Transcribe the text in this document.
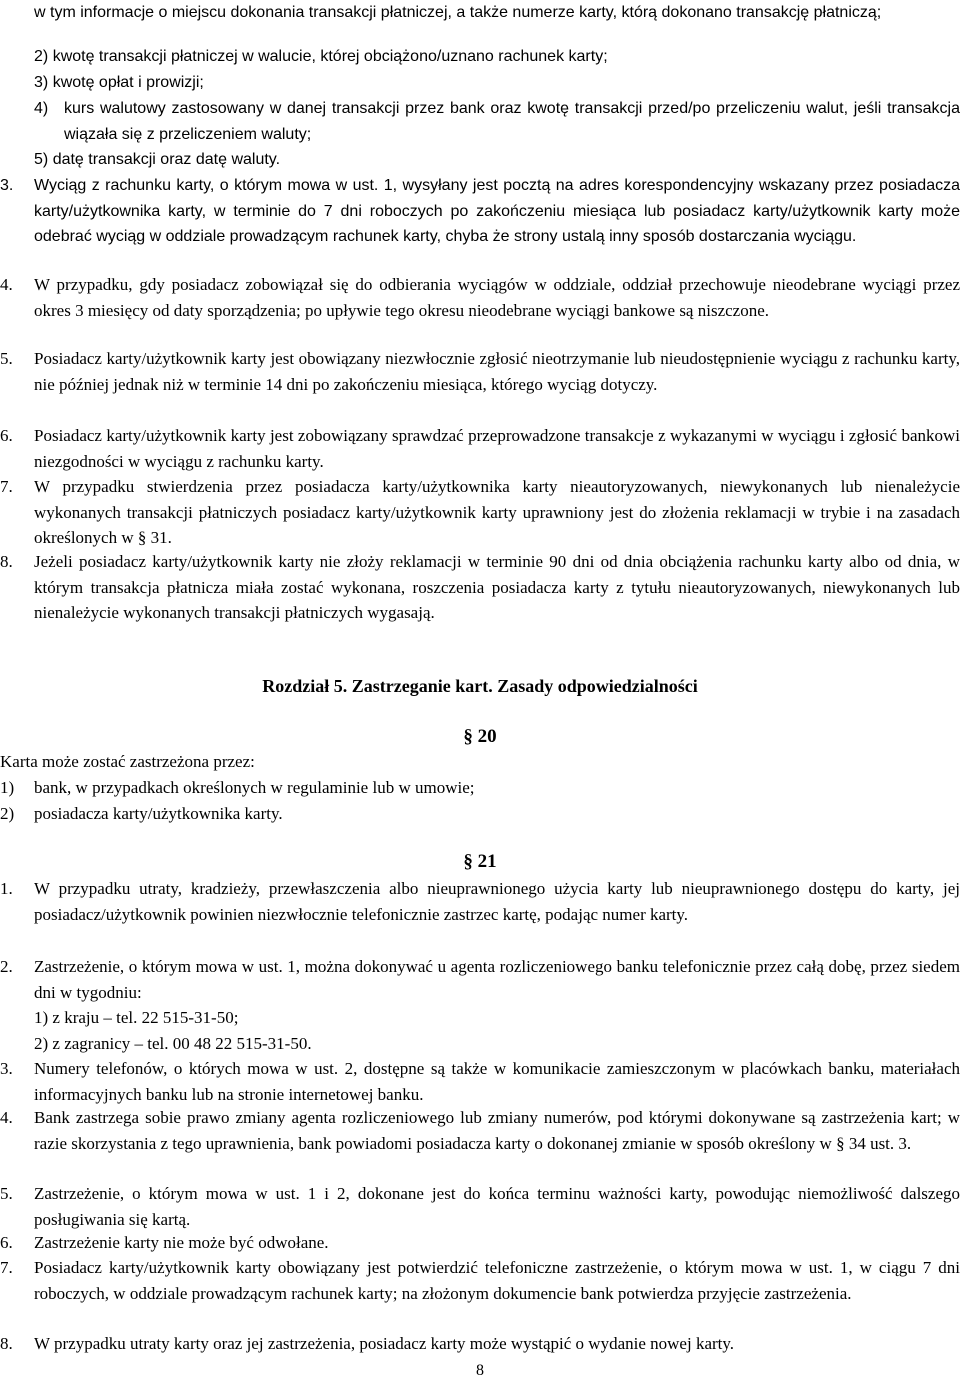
w tym informacje o miejscu dokonania transakcji płatniczej, a także numerze karty, którą dokonano transakcję płatniczą;
2) kwotę transakcji płatniczej w walucie, której obciążono/uznano rachunek karty;
3) kwotę opłat i prowizji;
4) kurs walutowy zastosowany w danej transakcji przez bank oraz kwotę transakcji przed/po przeliczeniu walut, jeśli transakcja wiązała się z przeliczeniem waluty;
5) datę transakcji oraz datę waluty.
3. Wyciąg z rachunku karty, o którym mowa w ust. 1, wysyłany jest pocztą na adres korespondencyjny wskazany przez posiadacza karty/użytkownika karty, w terminie do 7 dni roboczych po zakończeniu miesiąca lub posiadacz karty/użytkownik karty może odebrać wyciąg w oddziale prowadzącym rachunek karty, chyba że strony ustalą inny sposób dostarczania wyciągu.
4. W przypadku, gdy posiadacz zobowiązał się do odbierania wyciągów w oddziale, oddział przechowuje nieodebrane wyciągi przez okres 3 miesięcy od daty sporządzenia; po upływie tego okresu nieodebrane wyciągi bankowe są niszczone.
5. Posiadacz karty/użytkownik karty jest obowiązany niezwłocznie zgłosić nieotrzymanie lub nieudostępnienie wyciągu z rachunku karty, nie później jednak niż w terminie 14 dni po zakończeniu miesiąca, którego wyciąg dotyczy.
6. Posiadacz karty/użytkownik karty jest zobowiązany sprawdzać przeprowadzone transakcje z wykazanymi w wyciągu i zgłosić bankowi niezgodności w wyciągu z rachunku karty.
7. W przypadku stwierdzenia przez posiadacza karty/użytkownika karty nieautoryzowanych, niewykonanych lub nienależycie wykonanych transakcji płatniczych posiadacz karty/użytkownik karty uprawniony jest do złożenia reklamacji w trybie i na zasadach określonych w § 31.
8. Jeżeli posiadacz karty/użytkownik karty nie złoży reklamacji w terminie 90 dni od dnia obciążenia rachunku karty albo od dnia, w którym transakcja płatnicza miała zostać wykonana, roszczenia posiadacza karty z tytułu nieautoryzowanych, niewykonanych lub nienależycie wykonanych transakcji płatniczych wygasają.
Rozdział 5. Zastrzeganie kart. Zasady odpowiedzialności
§ 20
Karta może zostać zastrzeżona przez:
1) bank, w przypadkach określonych w regulaminie lub w umowie;
2) posiadacza karty/użytkownika karty.
§ 21
1. W przypadku utraty, kradzieży, przewłaszczenia albo nieuprawnionego użycia karty lub nieuprawnionego dostępu do karty, jej posiadacz/użytkownik powinien niezwłocznie telefonicznie zastrzec kartę, podając numer karty.
2. Zastrzeżenie, o którym mowa w ust. 1, można dokonywać u agenta rozliczeniowego banku telefonicznie przez całą dobę, przez siedem dni w tygodniu:
1) z kraju – tel. 22 515-31-50;
2) z zagranicy – tel. 00 48 22 515-31-50.
3. Numery telefonów, o których mowa w ust. 2, dostępne są także w komunikacie zamieszczonym w placówkach banku, materiałach informacyjnych banku lub na stronie internetowej banku.
4. Bank zastrzega sobie prawo zmiany agenta rozliczeniowego lub zmiany numerów, pod którymi dokonywane są zastrzeżenia kart; w razie skorzystania z tego uprawnienia, bank powiadomi posiadacza karty o dokonanej zmianie w sposób określony w § 34 ust. 3.
5. Zastrzeżenie, o którym mowa w ust. 1 i 2, dokonane jest do końca terminu ważności karty, powodując niemożliwość dalszego posługiwania się kartą.
6. Zastrzeżenie karty nie może być odwołane.
7. Posiadacz karty/użytkownik karty obowiązany jest potwierdzić telefoniczne zastrzeżenie, o którym mowa w ust. 1, w ciągu 7 dni roboczych, w oddziale prowadzącym rachunek karty; na złożonym dokumencie bank potwierdza przyjęcie zastrzeżenia.
8. W przypadku utraty karty oraz jej zastrzeżenia, posiadacz karty może wystąpić o wydanie nowej karty.
8
